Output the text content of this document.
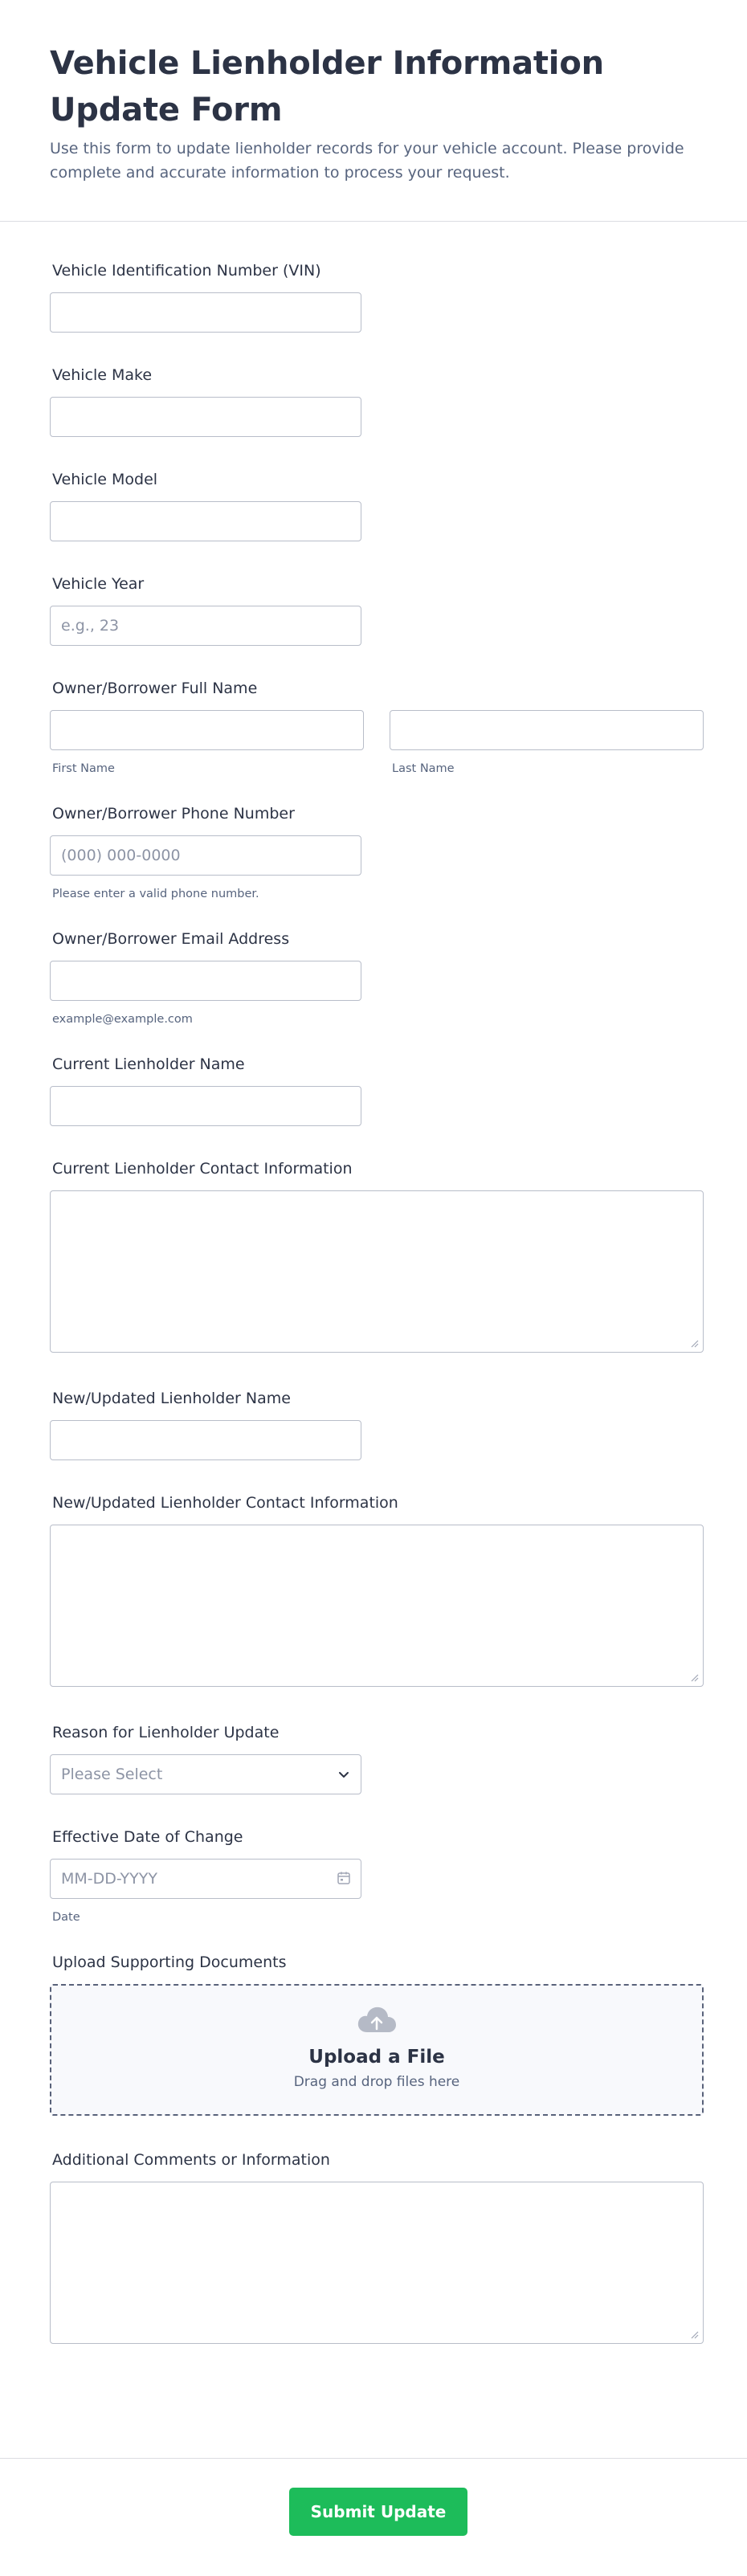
Vehicle Lienholder Information Update Form

Use this form to update lienholder records for your vehicle account. Please provide complete and accurate information to process your request.

Vehicle Identification Number (VIN)
Vehicle Make
Vehicle Model
Vehicle Year
e.g., 23
Owner/Borrower Full Name
First Name	Last Name
Owner/Borrower Phone Number
(000) 000-0000
Please enter a valid phone number.
Owner/Borrower Email Address
example@example.com
Current Lienholder Name
Current Lienholder Contact Information
New/Updated Lienholder Name
New/Updated Lienholder Contact Information
Reason for Lienholder Update
Please Select
Effective Date of Change
MM-DD-YYYY
Date
Upload Supporting Documents
Upload a File
Drag and drop files here
Additional Comments or Information
Submit Update
